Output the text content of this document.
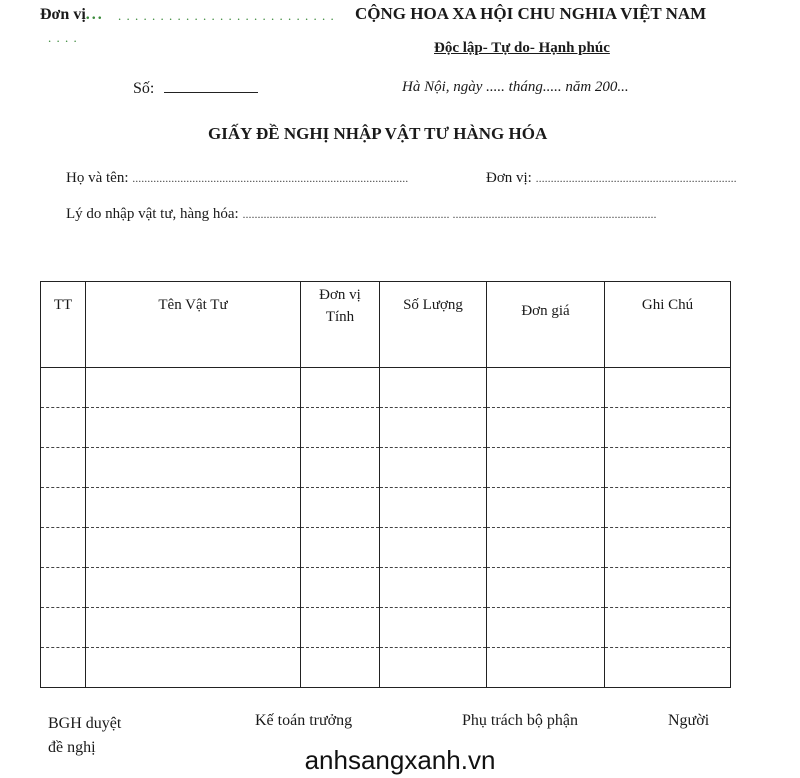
Đơn vị... . . . . . . . . . . . . . . . . . . . . . . . . . .
. . . .
CỘNG HOA XA HỘI CHU NGHIA VIỆT NAM
Độc lập- Tự do- Hạnh phúc
Số:	Hà Nội, ngày ..... tháng..... năm 200...
GIẤY ĐỀ NGHỊ NHẬP VẬT TƯ HÀNG HÓA
Họ và tên: ............................................................................................	Đơn vị: ...................................................................
Lý do nhập vật tư, hàng hóa: ..................................................................... ....................................................................
TT	Tên Vật Tư	Đơn vị Tính	Số Lượng	Đơn giá	Ghi Chú

BGH duyệt
đề nghị
Kế toán trưởng	Phụ trách bộ phận	Người
anhsangxanh.vn
